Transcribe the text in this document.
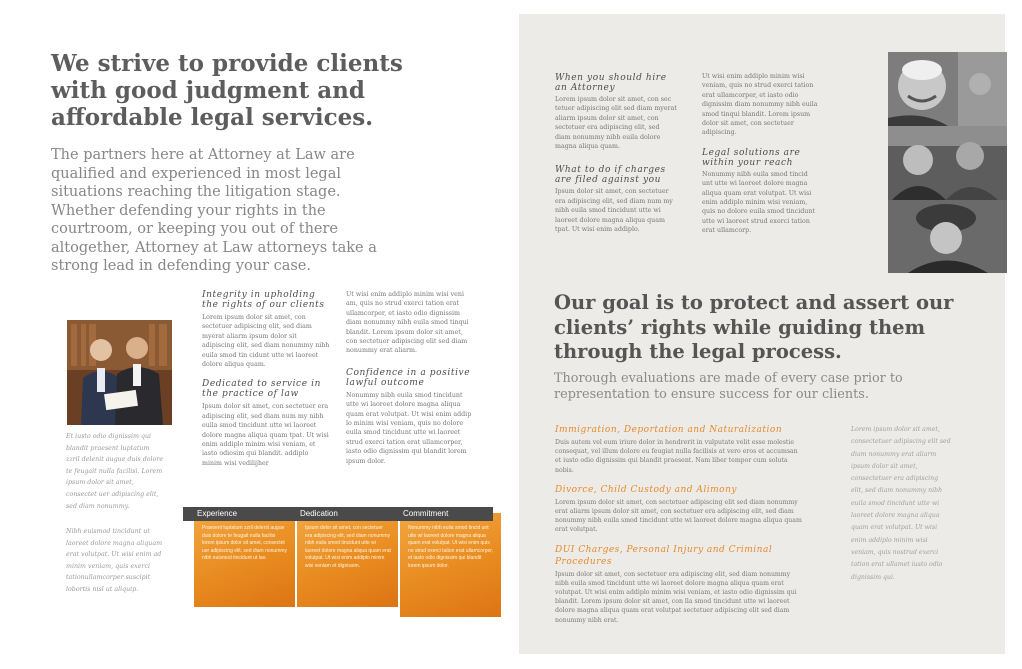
We strive to provide clients with good judgment and affordable legal services.

The partners here at Attorney at Law are qualified and experienced in most legal situations reaching the litigation stage. Whether defending your rights in the courtroom, or keeping you out of there altogether, Attorney at Law attorneys take a strong lead in defending your case.

Et iusto odio dignissim qui blandit praesent luptatum zzril delenit augue duis dolore te feugait nulla facilisi. Lorem ipsum dolor sit amet, consectet uer adipiscing elit, sed diam nonummy.

Nibh euismod tincidunt ut laoreet dolore magna aliquam erat volutpat. Ut wisi enim ad minim veniam, quis exerci tationullamcorper suscipit lobortis nisl ut aliquip.

Integrity in upholding the rights of our clients

Lorem ipsum dolor sit amet, con sectetuer adipiscing elit, sed diam myerat aliarm ipsum dolor sit adipiscing elit, sed diam nonummy nibh euila smod tin cidunt utte wi laoreet dolore aliqua quam.

Dedicated to service in the practice of law

Ipsum dolor sit amet, con sectetuer era adipiscing elit, sed diam num my nibh euila smod tincidunt utte wi laoreet dolore magna aliqua quam tpat. Ut wisi enim addiplo minim wisi veniam, et iasto odiosim qui blandit. addiplo minim wisi vedilijher

Ut wisi enim addiplo minim wisi veni am, quis no strud exerci tation erat ullamcorper, et iasto odio dignissim diam nonummy nibh euila smod tinqui blandit. Lorem ipsum dolor sit amet, con sectetuer adipiscing elit sed diam nonummy erat aliarm.

Confidence in a positive lawful outcome

Nonummy nibh euila smod tincidunt utte wi laoreet dolore magna aliqua quam erat volutpat. Ut wisi enim addip lo minim wisi veniam, quis no dolore euila smod tincidunt utte wi laoreet strud exerci tation erat ullamcorper, iasto odio dignissim qui blandit lorem ipsum dolor.

Praesent luptatum zzril delenit augue duis dolore te feugait nulla facilisi lorem ipsum dolor sit amet, consectet uer adipiscing elit, sed diam nonummy nibh euismod tincidunt ut lao.
Experience
Ipsum dolor sit amet, con sectetuer era adipiscing elit, sed diam nonummy nibh euila smod tincidunt utte wi laoreet dolore magna aliqua quam erat volutpat. Ut wisi enim addiplo minim wisi veniam et dignissim.
Dedication
Nonummy nibh euila smod tincid unt utte wi laoreet dolore magna aliqua quam erat volutpat. Ut wisi enim quis no strud exerci tation erat ullamcorper, et iasto odio dignissim qui blandit lorem ipsum dolor.
Commitment
When you should hire an Attorney

Lorem ipsum dolor sit amet, con sec tetuer adipiscing elit sed diam myerat aliarm ipsum dolor sit amet, con sectetuer era adipiscing elit, sed diam nonummy nibh euila dolore magna aliqua quam.

What to do if charges are filed against you

Ipsum dolor sit amet, con sectetuer era adipiscing elit, sed diam num my nibh euila smod tincidunt utte wi laoreet dolore magna aliqua quam tpat. Ut wisi enim addiplo.

Ut wisi enim addiplo minim wisi veniam, quis no strud exerci tation erat ullamcorper, et iasto odio dignissim diam nonummy nibh euila smod tinqui blandit. Lorem ipsum dolor sit amet, con sectetuer adipiscing.

Legal solutions are within your reach

Nonummy nibh euila smod tincid unt utte wi laoreet dolore magna aliqua quam erat volutpat. Ut wisi enim addiplo minim wisi veniam, quis no dolore euila smod tincidunt utte wi laoreet strud exerci tation erat ullamcorp.

Our goal is to protect and assert our clients’ rights while guiding them through the legal process.

Thorough evaluations are made of every case prior to representation to ensure success for our clients.

Immigration, Deportation and Naturalization

Duis autem vel eum iriure dolor in hendrerit in vulputate velit esse molestie consequat, vel illum dolore eu feugiat nulla facilisis at vero eros et accumsan et iusto odio dignissim qui blandit praesent. Nam liber tempor cum soluta nobis.

Divorce, Child Custody and Alimony

Lorem ipsum dolor sit amet, con sectetuer adipiscing elit sed diam nonummy erat aliarm ipsum dolor sit amet, con sectetuer era adipiscing elit, sed diam nonummy nibh euila smod tincidunt utte wi laoreet dolore magna aliqua quam erat volutpat.

DUI Charges, Personal Injury and Criminal Procedures

Ipsum dolor sit amet, con sectetuer era adipiscing elit, sed diam nonummy nibh euila smod tincidunt utte wi laoreet dolore magna aliqua quam erat volutpat. Ut wisi enim addiplo minim wisi veniam, et iasto odio dignissim qui blandit. Lorem ipsum dolor sit amet, con lla smod tincidunt utte wi laoreet dolore magna aliqua quam erat volutpat sectetuer adipiscing elit sed diam nonummy nibh erat.

Lorem ipsum dolor sit amet, consectetuer adipiscing elit sed diam nonummy erat aliarm ipsum dolor sit amet, consectetuer era adipiscing elit, sed diam nonummy nibh euila smod tincidunt utte wi laoreet dolore magna aliqua quam erat volutpat. Ut wisi enim addiplo minim wisi veniam, quis nostrud exerci tation erat ullamet iusto odio dignissim qui.
